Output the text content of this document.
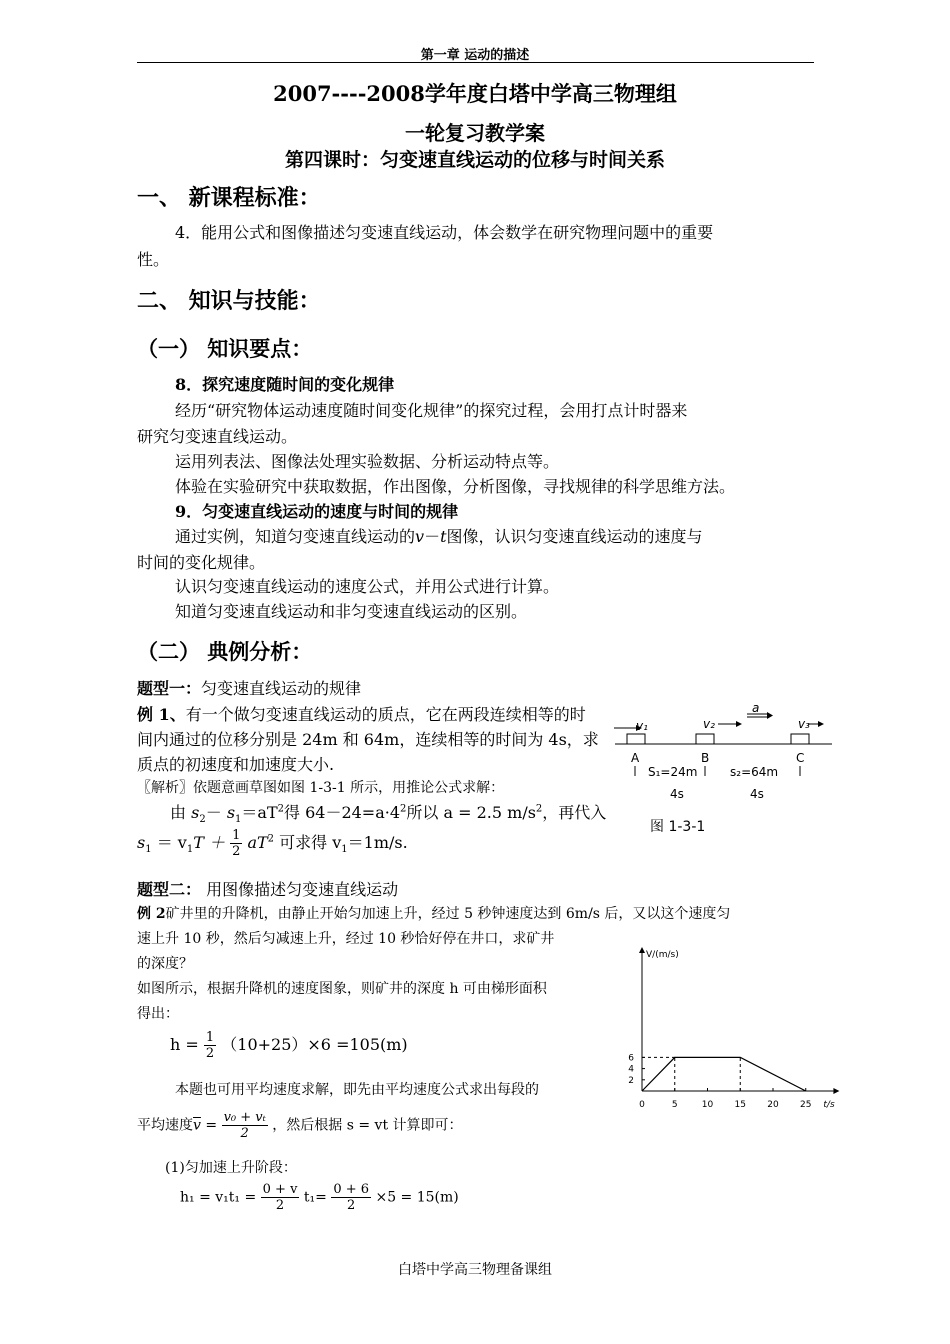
第一章 运动的描述
2007----2008学年度白塔中学高三物理组
一轮复习教学案
第四课时：匀变速直线运动的位移与时间关系
一、 新课程标准：
4．能用公式和图像描述匀变速直线运动，体会数学在研究物理问题中的重要
性。
二、 知识与技能：
（一） 知识要点：
8．探究速度随时间的变化规律
经历“研究物体运动速度随时间变化规律”的探究过程，会用打点计时器来
研究匀变速直线运动。
运用列表法、图像法处理实验数据、分析运动特点等。
体验在实验研究中获取数据，作出图像，分析图像，寻找规律的科学思维方法。
9．匀变速直线运动的速度与时间的规律
通过实例，知道匀变速直线运动的v－t图像，认识匀变速直线运动的速度与
时间的变化规律。
认识匀变速直线运动的速度公式，并用公式进行计算。
知道匀变速直线运动和非匀变速直线运动的区别。
（二） 典例分析：
题型一：匀变速直线运动的规律
例 1、有一个做匀变速直线运动的质点，它在两段连续相等的时
间内通过的位移分别是 24m 和 64m，连续相等的时间为 4s，求
质点的初速度和加速度大小.
〖解析〗依题意画草图如图 1-3-1 所示，用推论公式求解：
由 $s_2- s_1=aT^2$得 $64-24=a\cdot 4^2$所以 a = 2.5 $m/s^2$，再代入
$s_1 = v_1T + \frac{1}{2} aT^2$ 可求得 $v_1=1m/s$.
v₁	v₂
a
v₃
A	B	C
S₁=24m	s₂=64m
4s	4s
图 1-3-1
题型二： 用图像描述匀变速直线运动
例 2矿井里的升降机，由静止开始匀加速上升，经过 5 秒钟速度达到 6m/s 后，又以这个速度匀
速上升 10 秒，然后匀减速上升，经过 10 秒恰好停在井口，求矿井
的深度？
如图所示，根据升降机的速度图象，则矿井的深度 h 可由梯形面积
得出：
$h = \frac{1}{2} (10+25)\times 6 =105(m)$
本题也可用平均速度求解，即先由平均速度公式求出每段的
平均速度$\overline{v} = \frac{\text{v₀ + vₜ}}{2}$ ，然后根据 s = vt 计算即可：
(1)匀加速上升阶段：
$h_1 = v_1t_1 = \frac{0 + v}{2} t_1= \frac{0 + 6}{2} \times 5 = 15(m)$
V/(m/s)
t/s
0	5	10 15 20 25
2
4
6
白塔中学高三物理备课组
